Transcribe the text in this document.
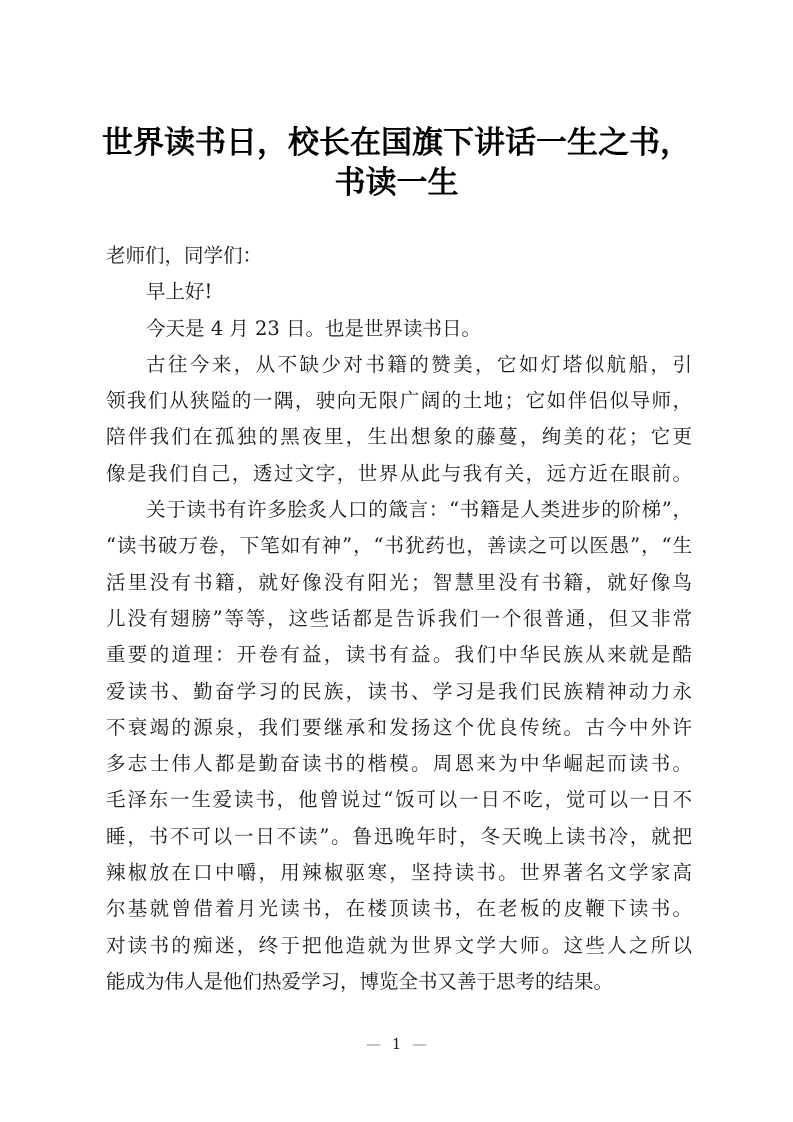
世界读书日，校长在国旗下讲话一生之书，
书读一生
老师们，同学们：
早上好!
今天是 4 月 23 日。也是世界读书日。
古往今来，从不缺少对书籍的赞美，它如灯塔似航船，引
领我们从狭隘的一隅，驶向无限广阔的土地；它如伴侣似导师，
陪伴我们在孤独的黑夜里，生出想象的藤蔓，绚美的花；它更
像是我们自己，透过文字，世界从此与我有关，远方近在眼前。
关于读书有许多脍炙人口的箴言：“书籍是人类进步的阶梯”，
“读书破万卷，下笔如有神”，“书犹药也，善读之可以医愚”，“生
活里没有书籍，就好像没有阳光；智慧里没有书籍，就好像鸟
儿没有翅膀”等等，这些话都是告诉我们一个很普通，但又非常
重要的道理：开卷有益，读书有益。我们中华民族从来就是酷
爱读书、勤奋学习的民族，读书、学习是我们民族精神动力永
不衰竭的源泉，我们要继承和发扬这个优良传统。古今中外许
多志士伟人都是勤奋读书的楷模。周恩来为中华崛起而读书。
毛泽东一生爱读书，他曾说过“饭可以一日不吃，觉可以一日不
睡，书不可以一日不读”。鲁迅晚年时，冬天晚上读书冷，就把
辣椒放在口中嚼，用辣椒驱寒，坚持读书。世界著名文学家高
尔基就曾借着月光读书，在楼顶读书，在老板的皮鞭下读书。
对读书的痴迷，终于把他造就为世界文学大师。这些人之所以
能成为伟人是他们热爱学习，博览全书又善于思考的结果。
— 1 —
